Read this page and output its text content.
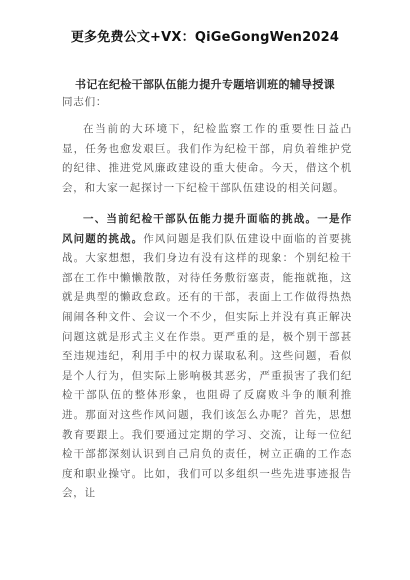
更多免费公文+VX：QiGeGongWen2024
书记在纪检干部队伍能力提升专题培训班的辅导授课
同志们：
在当前的大环境下，纪检监察工作的重要性日益凸显，任务也愈发艰巨。我们作为纪检干部，肩负着维护党的纪律、推进党风廉政建设的重大使命。今天，借这个机会，和大家一起探讨一下纪检干部队伍建设的相关问题。
一、当前纪检干部队伍能力提升面临的挑战。一是作风问题的挑战。作风问题是我们队伍建设中面临的首要挑战。大家想想，我们身边有没有这样的现象：个别纪检干部在工作中懒懒散散，对待任务敷衍塞责，能拖就拖，这就是典型的懒政怠政。还有的干部，表面上工作做得热热闹闹各种文件、会议一个不少，但实际上并没有真正解决问题这就是形式主义在作祟。更严重的是，极个别干部甚至违规违纪，利用手中的权力谋取私利。这些问题，看似是个人行为，但实际上影响极其恶劣，严重损害了我们纪检干部队伍的整体形象，也阻碍了反腐败斗争的顺利推进。那面对这些作风问题，我们该怎么办呢？首先，思想教育要跟上。我们要通过定期的学习、交流，让每一位纪检干部都深刻认识到自己肩负的责任，树立正确的工作态度和职业操守。比如，我们可以多组织一些先进事迹报告会，让
